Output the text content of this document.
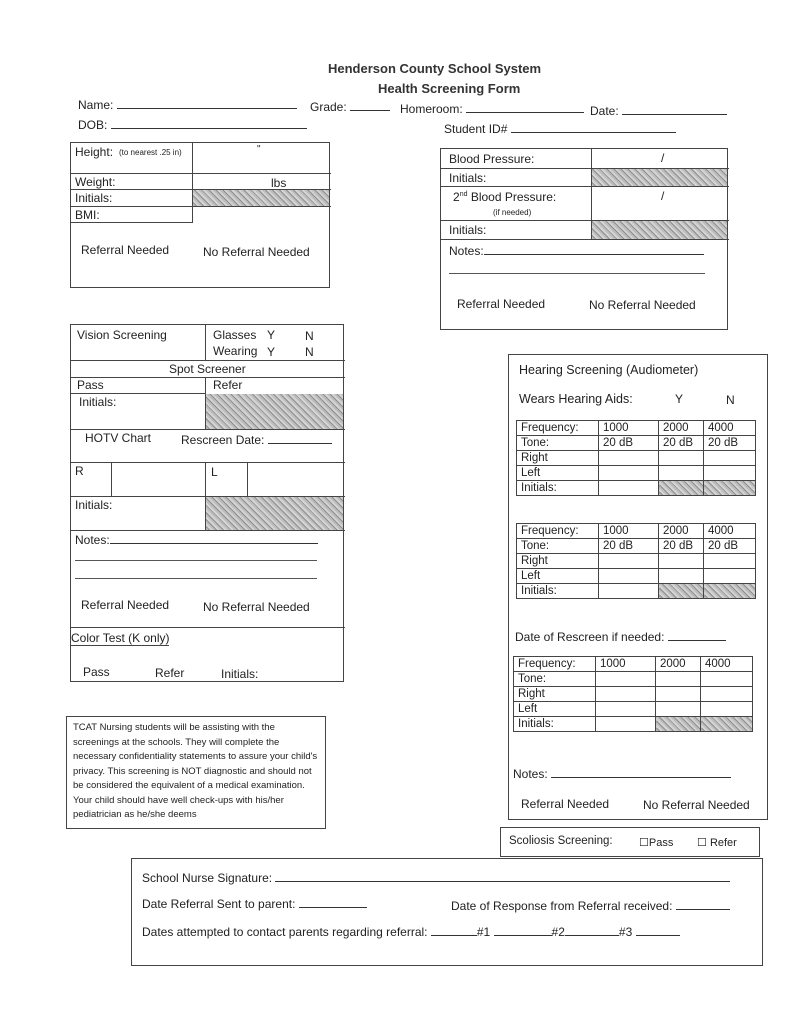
Henderson County School System
Health Screening Form
Name:	Grade:	Homeroom:	Date:
DOB:	Student ID#
Height: (to nearest .25 in)	"
Weight:	lbs
Initials:
BMI:
Referral Needed	No Referral Needed
Blood Pressure:	/
Initials:
2nd Blood Pressure:
(if needed)
/
Initials:
Notes:
Referral Needed	No Referral Needed
Vision Screening	Glasses Y N
Wearing Y N
Spot Screener
Pass	Refer
Initials:
HOTV Chart Rescreen Date:
R	L
Initials:
Notes:
Referral Needed	No Referral Needed
Color Test (K only)
Pass	Refer	Initials:
TCAT Nursing students will be assisting with the screenings at the schools. They will complete the necessary confidentiality statements to assure your child's privacy. This screening is NOT diagnostic and should not be considered the equivalent of a medical examination. Your child should have well check-ups with his/her pediatrician as he/she deems
Hearing Screening (Audiometer)
Wears Hearing Aids:	Y	N
Date of Rescreen if needed:
Notes:
Referral Needed	No Referral Needed
Frequency:	1000	2000	4000
Tone:	20 dB	20 dB	20 dB
Right			
Left			
Initials:			
Frequency:	1000	2000	4000
Tone:	20 dB	20 dB	20 dB
Right			
Left			
Initials:			
Frequency:	1000	2000	4000
Tone:			
Right			
Left			
Initials:			
Scoliosis Screening: ☐Pass ☐ Refer
School Nurse Signature:
Date Referral Sent to parent:	Date of Response from Referral received:
Dates attempted to contact parents regarding referral:	#1	#2	#3
